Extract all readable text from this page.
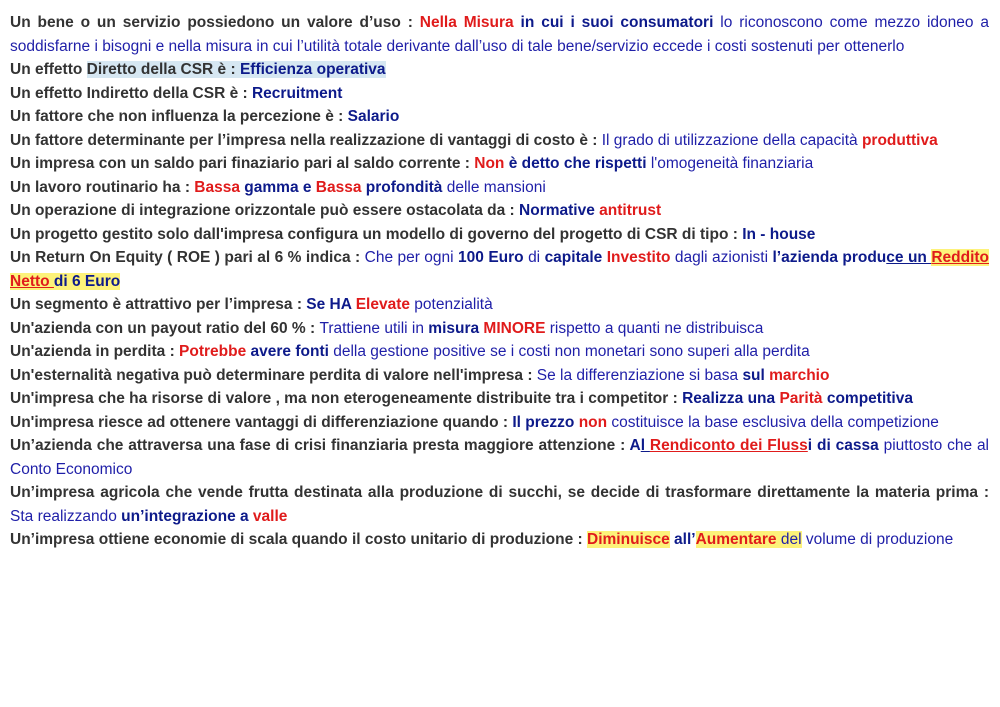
Un bene o un servizio possiedono un valore d’uso : Nella Misura in cui i suoi consumatori lo riconoscono come mezzo idoneo a soddisfarne i bisogni e nella misura in cui l’utilità totale derivante dall’uso di tale bene/servizio eccede i costi sostenuti per ottenerlo

Un effetto Diretto della CSR è : Efficienza operativa

Un effetto Indiretto della CSR è : Recruitment

Un fattore che non influenza la percezione è : Salario

Un fattore determinante per l’impresa nella realizzazione di vantaggi di costo è : Il grado di utilizzazione della capacità produttiva

Un impresa con un saldo pari finaziario pari al saldo corrente : Non è detto che rispetti l'omogeneità finanziaria

Un lavoro routinario ha : Bassa gamma e Bassa profondità delle mansioni

Un operazione di integrazione orizzontale può essere ostacolata da : Normative antitrust

Un progetto gestito solo dall'impresa configura un modello di governo del progetto di CSR di tipo : In - house

Un Return On Equity ( ROE ) pari al 6 % indica : Che per ogni 100 Euro di capitale Investito dagli azionisti l’azienda produce un Reddito Netto di 6 Euro

Un segmento è attrattivo per l’impresa : Se HA Elevate potenzialità

Un'azienda con un payout ratio del 60 % : Trattiene utili in misura MINORE rispetto a quanti ne distribuisca

Un'azienda in perdita : Potrebbe avere fonti della gestione positive se i costi non monetari sono superi alla perdita

Un'esternalità negativa può determinare perdita di valore nell'impresa : Se la differenziazione si basa sul marchio

Un'impresa che ha risorse di valore , ma non eterogeneamente distribuite tra i competitor : Realizza una Parità competitiva

Un'impresa riesce ad ottenere vantaggi di differenziazione quando : Il prezzo non costituisce la base esclusiva della competizione

Un’azienda che attraversa una fase di crisi finanziaria presta maggiore attenzione : Al Rendiconto dei Flussi di cassa piuttosto che al Conto Economico

Un’impresa agricola che vende frutta destinata alla produzione di succhi, se decide di trasformare direttamente la materia prima : Sta realizzando un’integrazione a valle

Un’impresa ottiene economie di scala quando il costo unitario di produzione : Diminuisce all’Aumentare del volume di produzione
